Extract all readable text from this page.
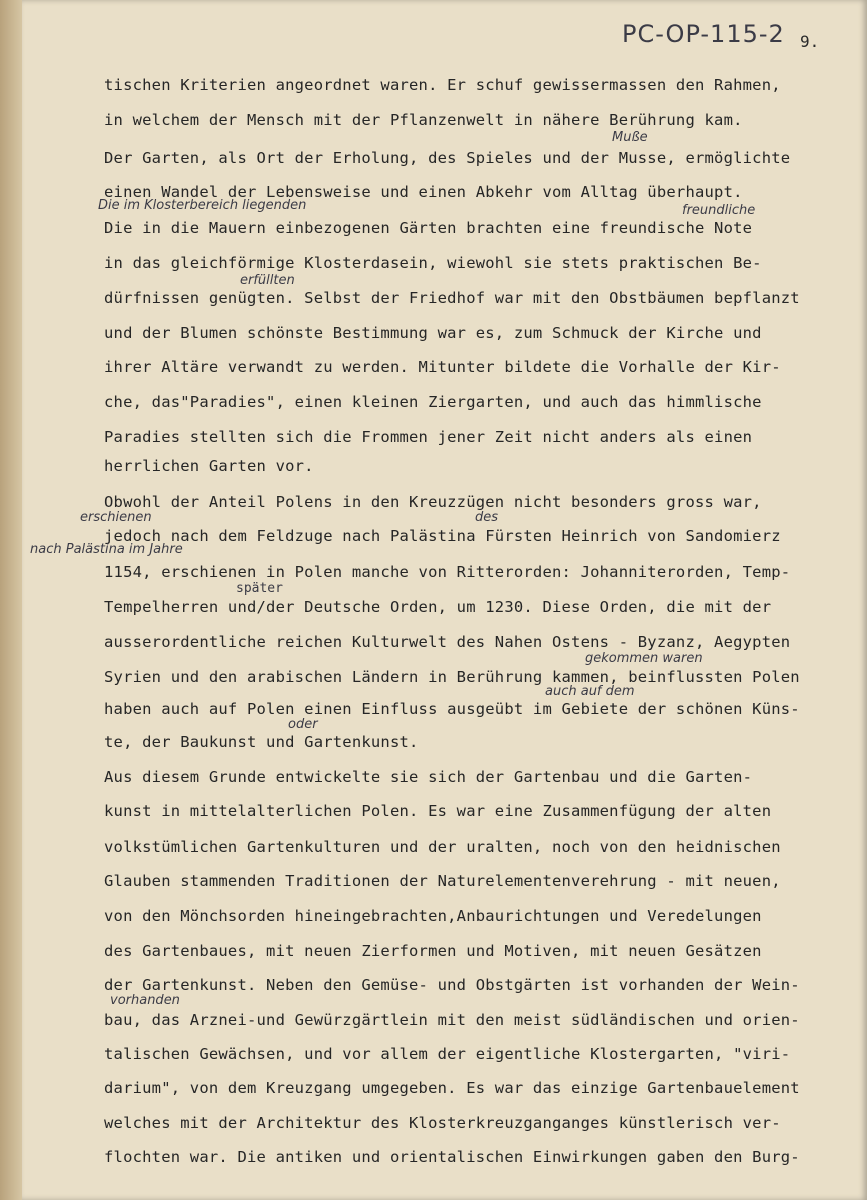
PC-OP-115-2 9.
tischen Kriterien angeordnet waren. Er schuf gewissermassen den Rahmen,
in welchem der Mensch mit der Pflanzenwelt in nähere Berührung kam.
Der Garten, als Ort der Erholung, des Spieles und der Musse, ermöglichte
einen Wandel der Lebensweise und einen Abkehr vom Alltag überhaupt.
Die in die Mauern einbezogenen Gärten brachten eine freundische Note
in das gleichförmige Klosterdasein, wiewohl sie stets praktischen Be-
dürfnissen genügten. Selbst der Friedhof war mit den Obstbäumen bepflanzt
und der Blumen schönste Bestimmung war es, zum Schmuck der Kirche und
ihrer Altäre verwandt zu werden. Mitunter bildete die Vorhalle der Kir-
che, das"Paradies", einen kleinen Ziergarten, und auch das himmlische
Paradies stellten sich die Frommen jener Zeit nicht anders als einen
herrlichen Garten vor.
Obwohl der Anteil Polens in den Kreuzzügen nicht besonders gross war,
jedoch nach dem Feldzuge nach Palästina Fürsten Heinrich von Sandomierz
1154, erschienen in Polen manche von Ritterorden: Johanniterorden, Temp-
Tempelherren und/der Deutsche Orden, um 1230. Diese Orden, die mit der
ausserordentliche reichen Kulturwelt des Nahen Ostens - Byzanz, Aegypten
Syrien und den arabischen Ländern in Berührung kammen, beinflussten Polen
haben auch auf Polen einen Einfluss ausgeübt im Gebiete der schönen Küns-
te, der Baukunst und Gartenkunst.
Aus diesem Grunde entwickelte sie sich der Gartenbau und die Garten-
kunst in mittelalterlichen Polen. Es war eine Zusammenfügung der alten
volkstümlichen Gartenkulturen und der uralten, noch von den heidnischen
Glauben stammenden Traditionen der Naturelementenverehrung - mit neuen,
von den Mönchsorden hineingebrachten,Anbaurichtungen und Veredelungen
des Gartenbaues, mit neuen Zierformen und Motiven, mit neuen Gesätzen
der Gartenkunst. Neben den Gemüse- und Obstgärten ist vorhanden der Wein-
bau, das Arznei-und Gewürzgärtlein mit den meist südländischen und orien-
talischen Gewächsen, und vor allem der eigentliche Klostergarten, "viri-
darium", von dem Kreuzgang umgegeben. Es war das einzige Gartenbauelement
welches mit der Architektur des Klosterkreuzganganges künstlerisch ver-
flochten war. Die antiken und orientalischen Einwirkungen gaben den Burg-
Muße
Die im Klosterbereich liegenden	freundliche
erfüllten
erschienen	des
nach Palästina im Jahre
später
gekommen waren
auch auf dem
oder
vorhanden
